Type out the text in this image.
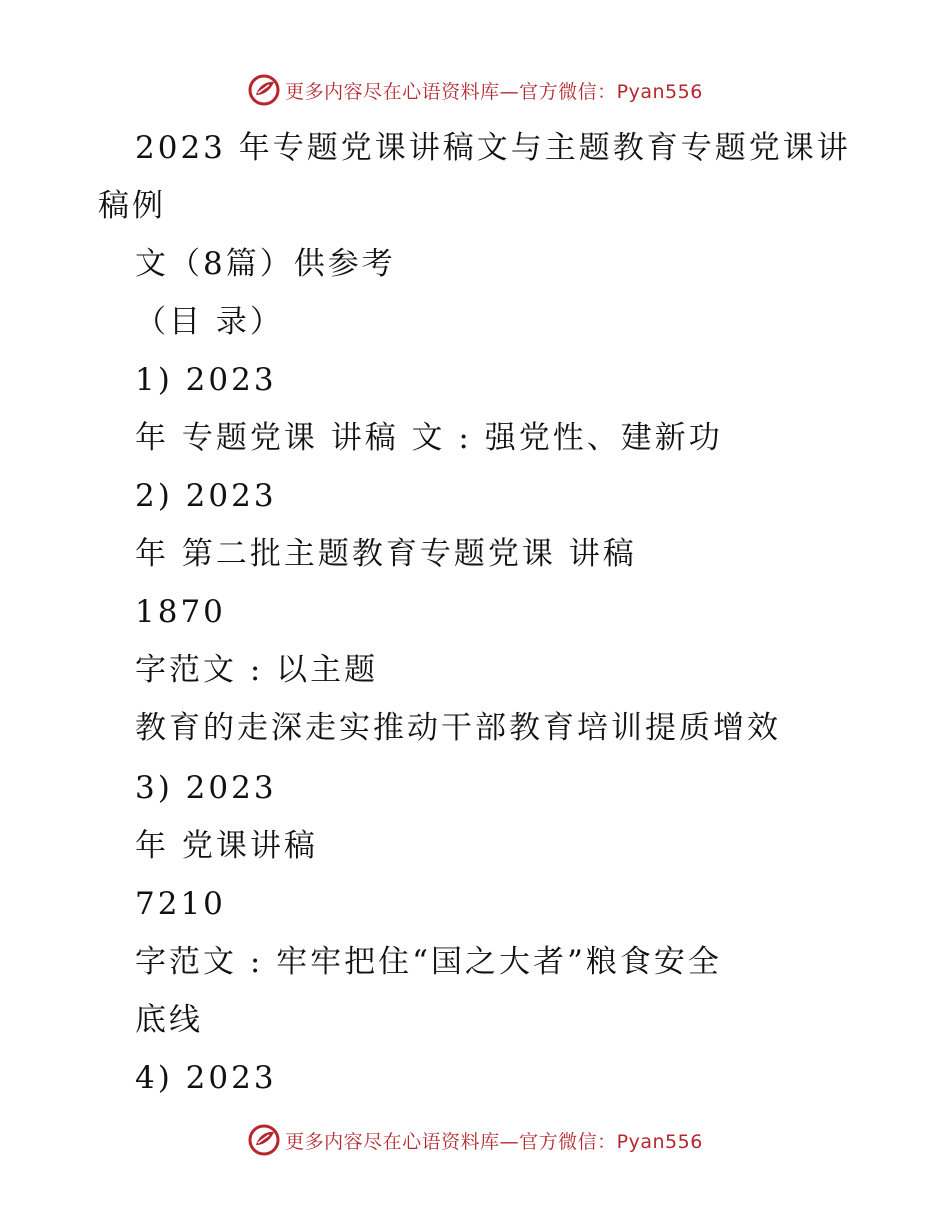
更多内容尽在心语资料库—官方微信：Pyan556
2023 年专题党课讲稿文与主题教育专题党课讲
稿例
文（8篇）供参考
（目 录）
1) 2023
年 专题党课 讲稿 文 : 强党性、建新功
2) 2023
年 第二批主题教育专题党课 讲稿
1870
字范文 : 以主题
教育的走深走实推动干部教育培训提质增效
3) 2023
年 党课讲稿
7210
字范文 : 牢牢把住“国之大者”粮食安全
底线
4) 2023
更多内容尽在心语资料库—官方微信：Pyan556
